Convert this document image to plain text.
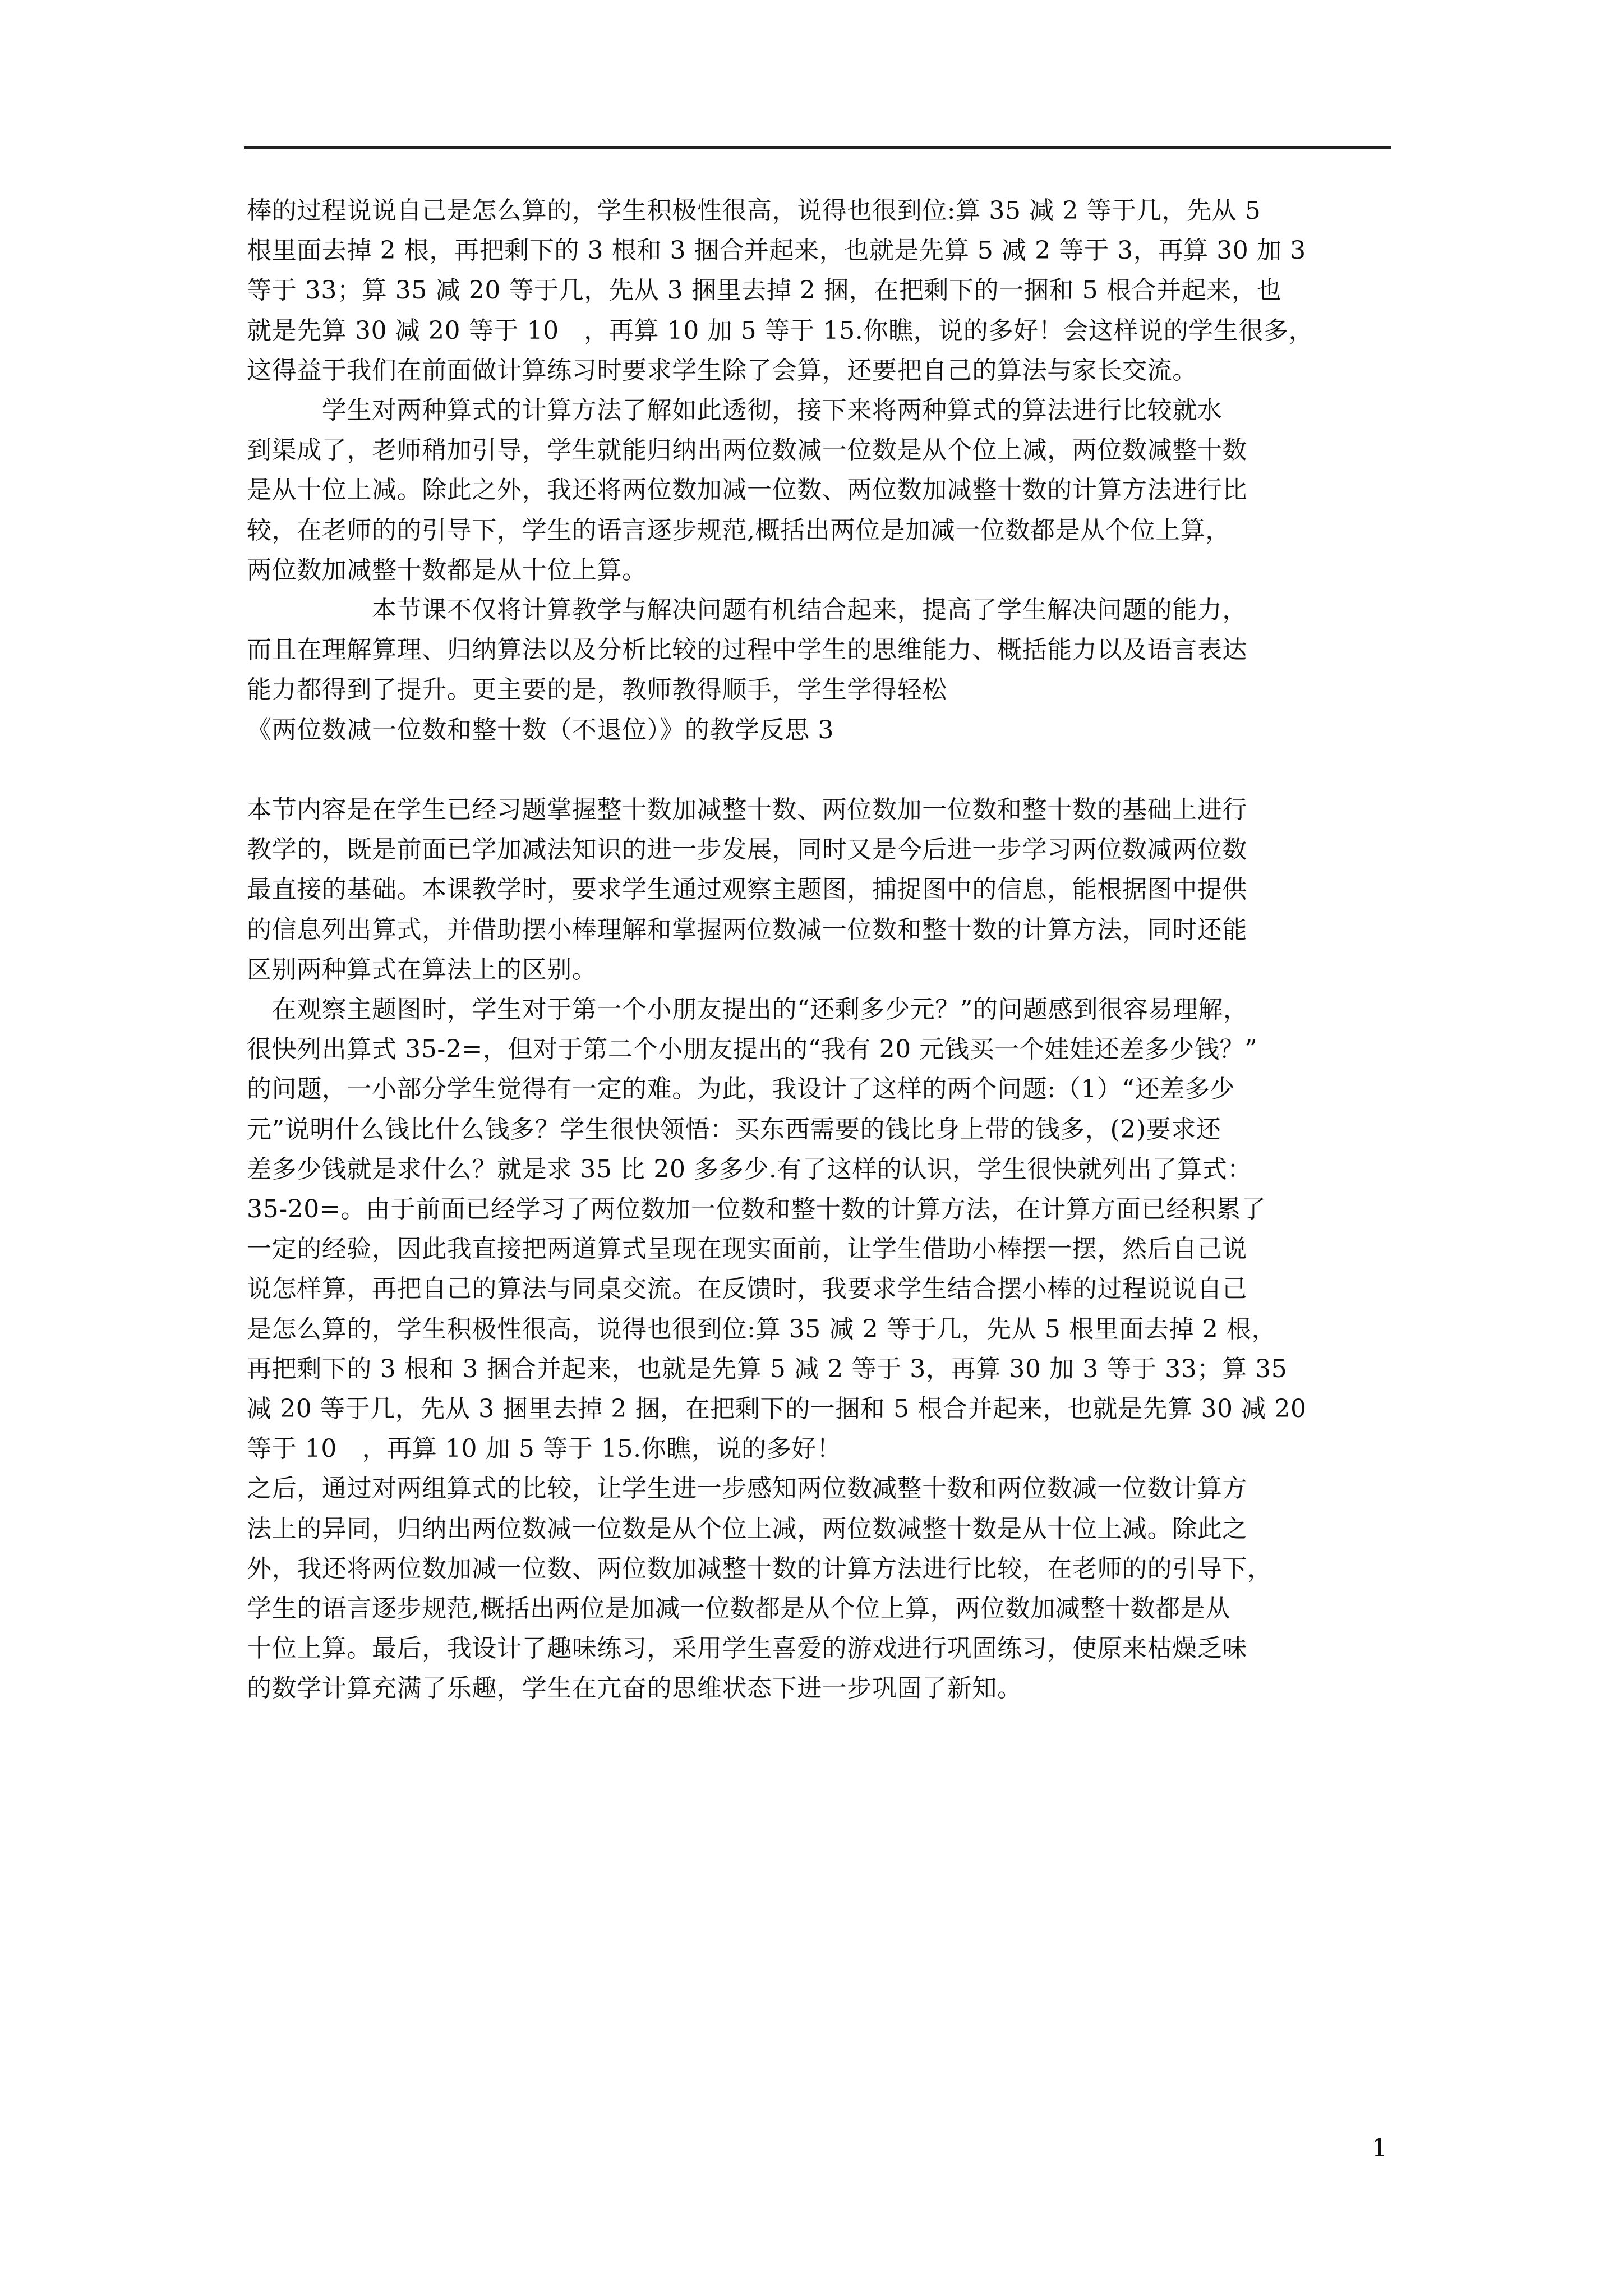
棒的过程说说自己是怎么算的，学生积极性很高，说得也很到位:算 35 减 2 等于几，先从 5
根里面去掉 2 根，再把剩下的 3 根和 3 捆合并起来，也就是先算 5 减 2 等于 3，再算 30 加 3
等于 33；算 35 减 20 等于几，先从 3 捆里去掉 2 捆，在把剩下的一捆和 5 根合并起来，也
就是先算 30 减 20 等于 10　，再算 10 加 5 等于 15.你瞧，说的多好！会这样说的学生很多，
这得益于我们在前面做计算练习时要求学生除了会算，还要把自己的算法与家长交流。
　　　学生对两种算式的计算方法了解如此透彻，接下来将两种算式的算法进行比较就水
到渠成了，老师稍加引导，学生就能归纳出两位数减一位数是从个位上减，两位数减整十数
是从十位上减。除此之外，我还将两位数加减一位数、两位数加减整十数的计算方法进行比
较，在老师的的引导下，学生的语言逐步规范,概括出两位是加减一位数都是从个位上算，
两位数加减整十数都是从十位上算。
　　　　　本节课不仅将计算教学与解决问题有机结合起来，提高了学生解决问题的能力，
而且在理解算理、归纳算法以及分析比较的过程中学生的思维能力、概括能力以及语言表达
能力都得到了提升。更主要的是，教师教得顺手，学生学得轻松
《两位数减一位数和整十数（不退位）》的教学反思 3
本节内容是在学生已经习题掌握整十数加减整十数、两位数加一位数和整十数的基础上进行
教学的，既是前面已学加减法知识的进一步发展，同时又是今后进一步学习两位数减两位数
最直接的基础。本课教学时，要求学生通过观察主题图，捕捉图中的信息，能根据图中提供
的信息列出算式，并借助摆小棒理解和掌握两位数减一位数和整十数的计算方法，同时还能
区别两种算式在算法上的区别。
　在观察主题图时，学生对于第一个小朋友提出的“还剩多少元？”的问题感到很容易理解，
很快列出算式 35-2=，但对于第二个小朋友提出的“我有 20 元钱买一个娃娃还差多少钱？”
的问题，一小部分学生觉得有一定的难。为此，我设计了这样的两个问题:（1）“还差多少
元”说明什么钱比什么钱多？学生很快领悟：买东西需要的钱比身上带的钱多，(2)要求还
差多少钱就是求什么？就是求 35 比 20 多多少.有了这样的认识，学生很快就列出了算式：
35-20=。由于前面已经学习了两位数加一位数和整十数的计算方法，在计算方面已经积累了
一定的经验，因此我直接把两道算式呈现在现实面前，让学生借助小棒摆一摆，然后自己说
说怎样算，再把自己的算法与同桌交流。在反馈时，我要求学生结合摆小棒的过程说说自己
是怎么算的，学生积极性很高，说得也很到位:算 35 减 2 等于几，先从 5 根里面去掉 2 根，
再把剩下的 3 根和 3 捆合并起来，也就是先算 5 减 2 等于 3，再算 30 加 3 等于 33；算 35
减 20 等于几，先从 3 捆里去掉 2 捆，在把剩下的一捆和 5 根合并起来，也就是先算 30 减 20
等于 10　，再算 10 加 5 等于 15.你瞧，说的多好！
之后，通过对两组算式的比较，让学生进一步感知两位数减整十数和两位数减一位数计算方
法上的异同，归纳出两位数减一位数是从个位上减，两位数减整十数是从十位上减。除此之
外，我还将两位数加减一位数、两位数加减整十数的计算方法进行比较，在老师的的引导下，
学生的语言逐步规范,概括出两位是加减一位数都是从个位上算，两位数加减整十数都是从
十位上算。最后，我设计了趣味练习，采用学生喜爱的游戏进行巩固练习，使原来枯燥乏味
的数学计算充满了乐趣，学生在亢奋的思维状态下进一步巩固了新知。
1
